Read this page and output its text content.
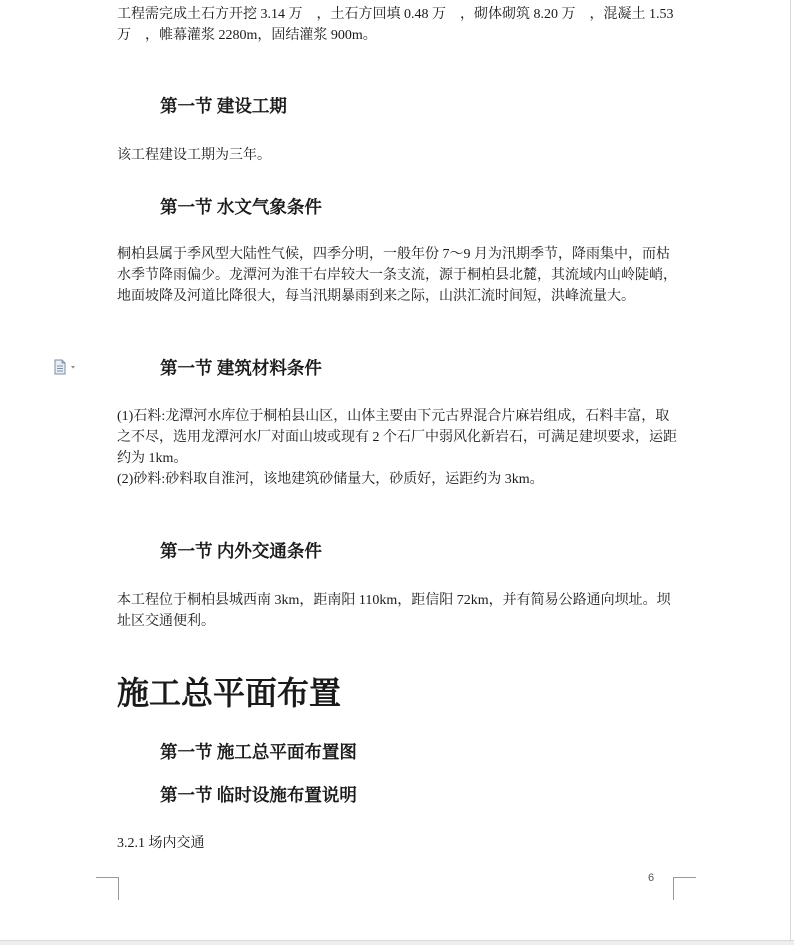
工程需完成土石方开挖 3.14 万　，土石方回填 0.48 万　，砌体砌筑 8.20 万　，混凝土 1.53 万　，帷幕灌浆 2280m，固结灌浆 900m。

第一节 建设工期

该工程建设工期为三年。

第一节 水文气象条件

桐柏县属于季风型大陆性气候，四季分明，一般年份 7～9 月为汛期季节，降雨集中，而枯水季节降雨偏少。龙潭河为淮干右岸较大一条支流，源于桐柏县北麓，其流域内山岭陡峭，地面坡降及河道比降很大，每当汛期暴雨到来之际，山洪汇流时间短，洪峰流量大。

第一节 建筑材料条件

(1)石料:龙潭河水库位于桐柏县山区，山体主要由下元古界混合片麻岩组成，石料丰富，取之不尽，选用龙潭河水厂对面山坡或现有 2 个石厂中弱风化新岩石，可满足建坝要求，运距约为 1km。

(2)砂料:砂料取自淮河，该地建筑砂储量大，砂质好，运距约为 3km。

第一节 内外交通条件

本工程位于桐柏县城西南 3km，距南阳 110km，距信阳 72km，并有简易公路通向坝址。坝址区交通便利。

施工总平面布置
第一节 施工总平面布置图
第一节 临时设施布置说明

3.2.1 场内交通

6
